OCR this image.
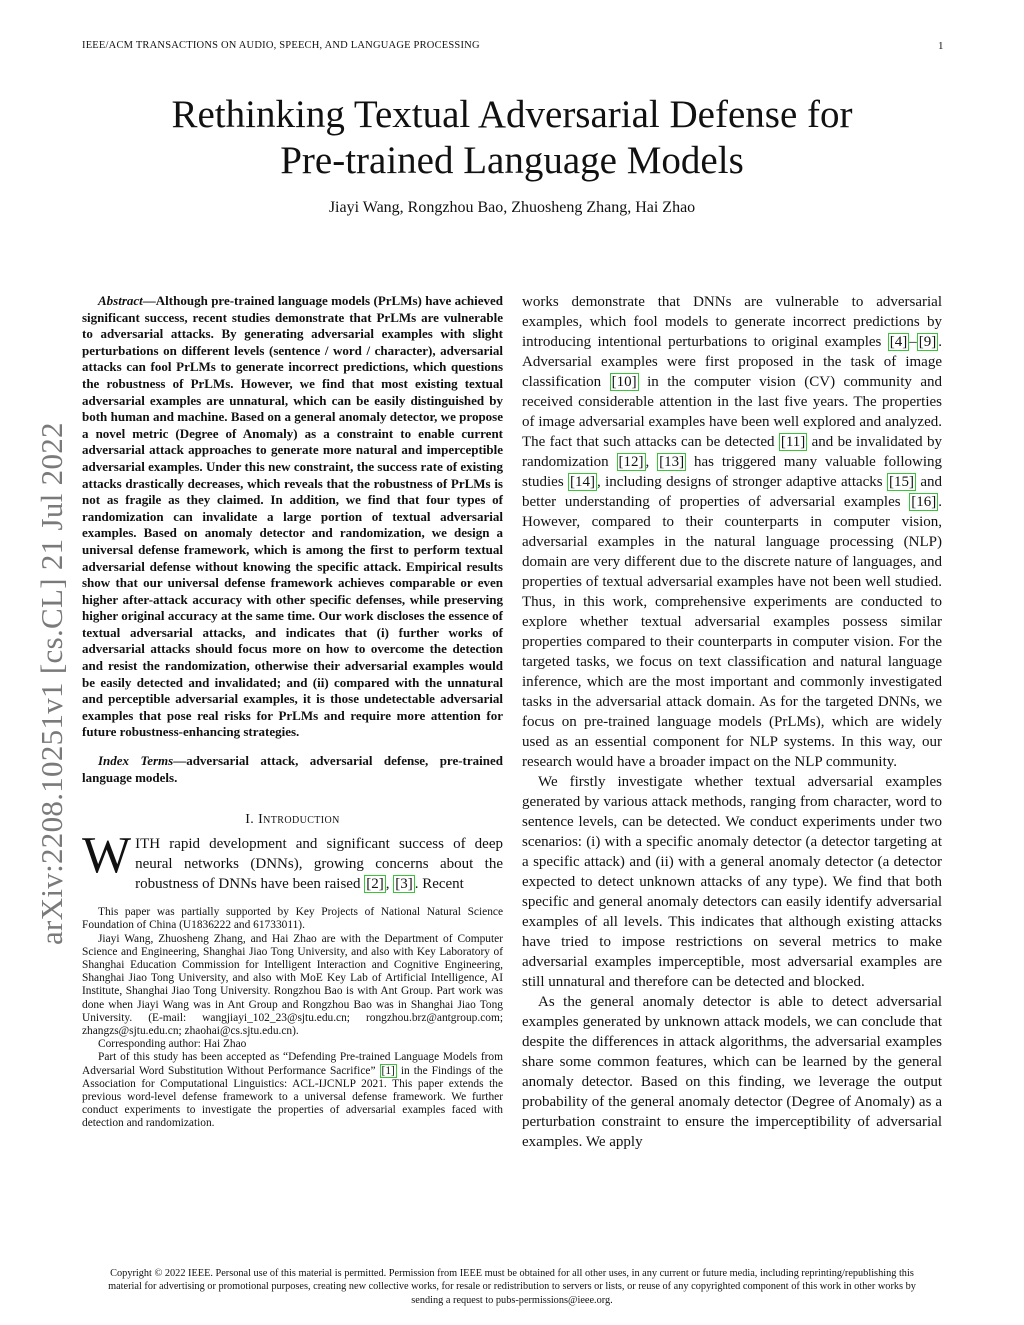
IEEE/ACM TRANSACTIONS ON AUDIO, SPEECH, AND LANGUAGE PROCESSING	1
Rethinking Textual Adversarial Defense for
Pre-trained Language Models
Jiayi Wang, Rongzhou Bao, Zhuosheng Zhang, Hai Zhao
arXiv:2208.10251v1 [cs.CL] 21 Jul 2022

Abstract—Although pre-trained language models (PrLMs) have achieved significant success, recent studies demonstrate that PrLMs are vulnerable to adversarial attacks. By generating adversarial examples with slight perturbations on different levels (sentence / word / character), adversarial attacks can fool PrLMs to generate incorrect predictions, which questions the robustness of PrLMs. However, we find that most existing textual adversarial examples are unnatural, which can be easily distinguished by both human and machine. Based on a general anomaly detector, we propose a novel metric (Degree of Anomaly) as a constraint to enable current adversarial attack approaches to generate more natural and imperceptible adversarial examples. Under this new constraint, the success rate of existing attacks drastically decreases, which reveals that the robustness of PrLMs is not as fragile as they claimed. In addition, we find that four types of randomization can invalidate a large portion of textual adversarial examples. Based on anomaly detector and randomization, we design a universal defense framework, which is among the first to perform textual adversarial defense without knowing the specific attack. Empirical results show that our universal defense framework achieves comparable or even higher after-attack accuracy with other specific defenses, while preserving higher original accuracy at the same time. Our work discloses the essence of textual adversarial attacks, and indicates that (i) further works of adversarial attacks should focus more on how to overcome the detection and resist the randomization, otherwise their adversarial examples would be easily detected and invalidated; and (ii) compared with the unnatural and perceptible adversarial examples, it is those undetectable adversarial examples that pose real risks for PrLMs and require more attention for future robustness-enhancing strategies.

Index Terms—adversarial attack, adversarial defense, pre-trained language models.

I. Introduction

WITH rapid development and significant success of deep neural networks (DNNs), growing concerns about the robustness of DNNs have been raised [2] , [3] . Recent

This paper was partially supported by Key Projects of National Natural Science Foundation of China (U1836222 and 61733011).

Jiayi Wang, Zhuosheng Zhang, and Hai Zhao are with the Department of Computer Science and Engineering, Shanghai Jiao Tong University, and also with Key Laboratory of Shanghai Education Commission for Intelligent Interaction and Cognitive Engineering, Shanghai Jiao Tong University, and also with MoE Key Lab of Artificial Intelligence, AI Institute, Shanghai Jiao Tong University. Rongzhou Bao is with Ant Group. Part work was done when Jiayi Wang was in Ant Group and Rongzhou Bao was in Shanghai Jiao Tong University. (E-mail: wangjiayi_102_23@sjtu.edu.cn; rongzhou.brz@antgroup.com; zhangzs@sjtu.edu.cn; zhaohai@cs.sjtu.edu.cn).

Corresponding author: Hai Zhao

Part of this study has been accepted as “Defending Pre-trained Language Models from Adversarial Word Substitution Without Performance Sacrifice” [1] in the Findings of the Association for Computational Linguistics: ACL-IJCNLP 2021. This paper extends the previous word-level defense framework to a universal defense framework. We further conduct experiments to investigate the properties of adversarial examples faced with detection and randomization.

works demonstrate that DNNs are vulnerable to adversarial examples, which fool models to generate incorrect predictions by introducing intentional perturbations to original examples [4] – [9] . Adversarial examples were first proposed in the task of image classification [10] in the computer vision (CV) community and received considerable attention in the last five years. The properties of image adversarial examples have been well explored and analyzed. The fact that such attacks can be detected [11] and be invalidated by randomization [12] , [13] has triggered many valuable following studies [14] , including designs of stronger adaptive attacks [15] and better understanding of properties of adversarial examples [16] . However, compared to their counterparts in computer vision, adversarial examples in the natural language processing (NLP) domain are very different due to the discrete nature of languages, and properties of textual adversarial examples have not been well studied. Thus, in this work, comprehensive experiments are conducted to explore whether textual adversarial examples possess similar properties compared to their counterparts in computer vision. For the targeted tasks, we focus on text classification and natural language inference, which are the most important and commonly investigated tasks in the adversarial attack domain. As for the targeted DNNs, we focus on pre-trained language models (PrLMs), which are widely used as an essential component for NLP systems. In this way, our research would have a broader impact on the NLP community.

We firstly investigate whether textual adversarial examples generated by various attack methods, ranging from character, word to sentence levels, can be detected. We conduct experiments under two scenarios: (i) with a specific anomaly detector (a detector targeting at a specific attack) and (ii) with a general anomaly detector (a detector expected to detect unknown attacks of any type). We find that both specific and general anomaly detectors can easily identify adversarial examples of all levels. This indicates that although existing attacks have tried to impose restrictions on several metrics to make adversarial examples imperceptible, most adversarial examples are still unnatural and therefore can be detected and blocked.

As the general anomaly detector is able to detect adversarial examples generated by unknown attack models, we can conclude that despite the differences in attack algorithms, the adversarial examples share some common features, which can be learned by the general anomaly detector. Based on this finding, we leverage the output probability of the general anomaly detector (Degree of Anomaly) as a perturbation constraint to ensure the imperceptibility of adversarial examples. We apply

Copyright © 2022 IEEE. Personal use of this material is permitted. Permission from IEEE must be obtained for all other uses, in any current or future media, including reprinting/republishing this material for advertising or promotional purposes, creating new collective works, for resale or redistribution to servers or lists, or reuse of any copyrighted component of this work in other works by sending a request to pubs-permissions@ieee.org.
